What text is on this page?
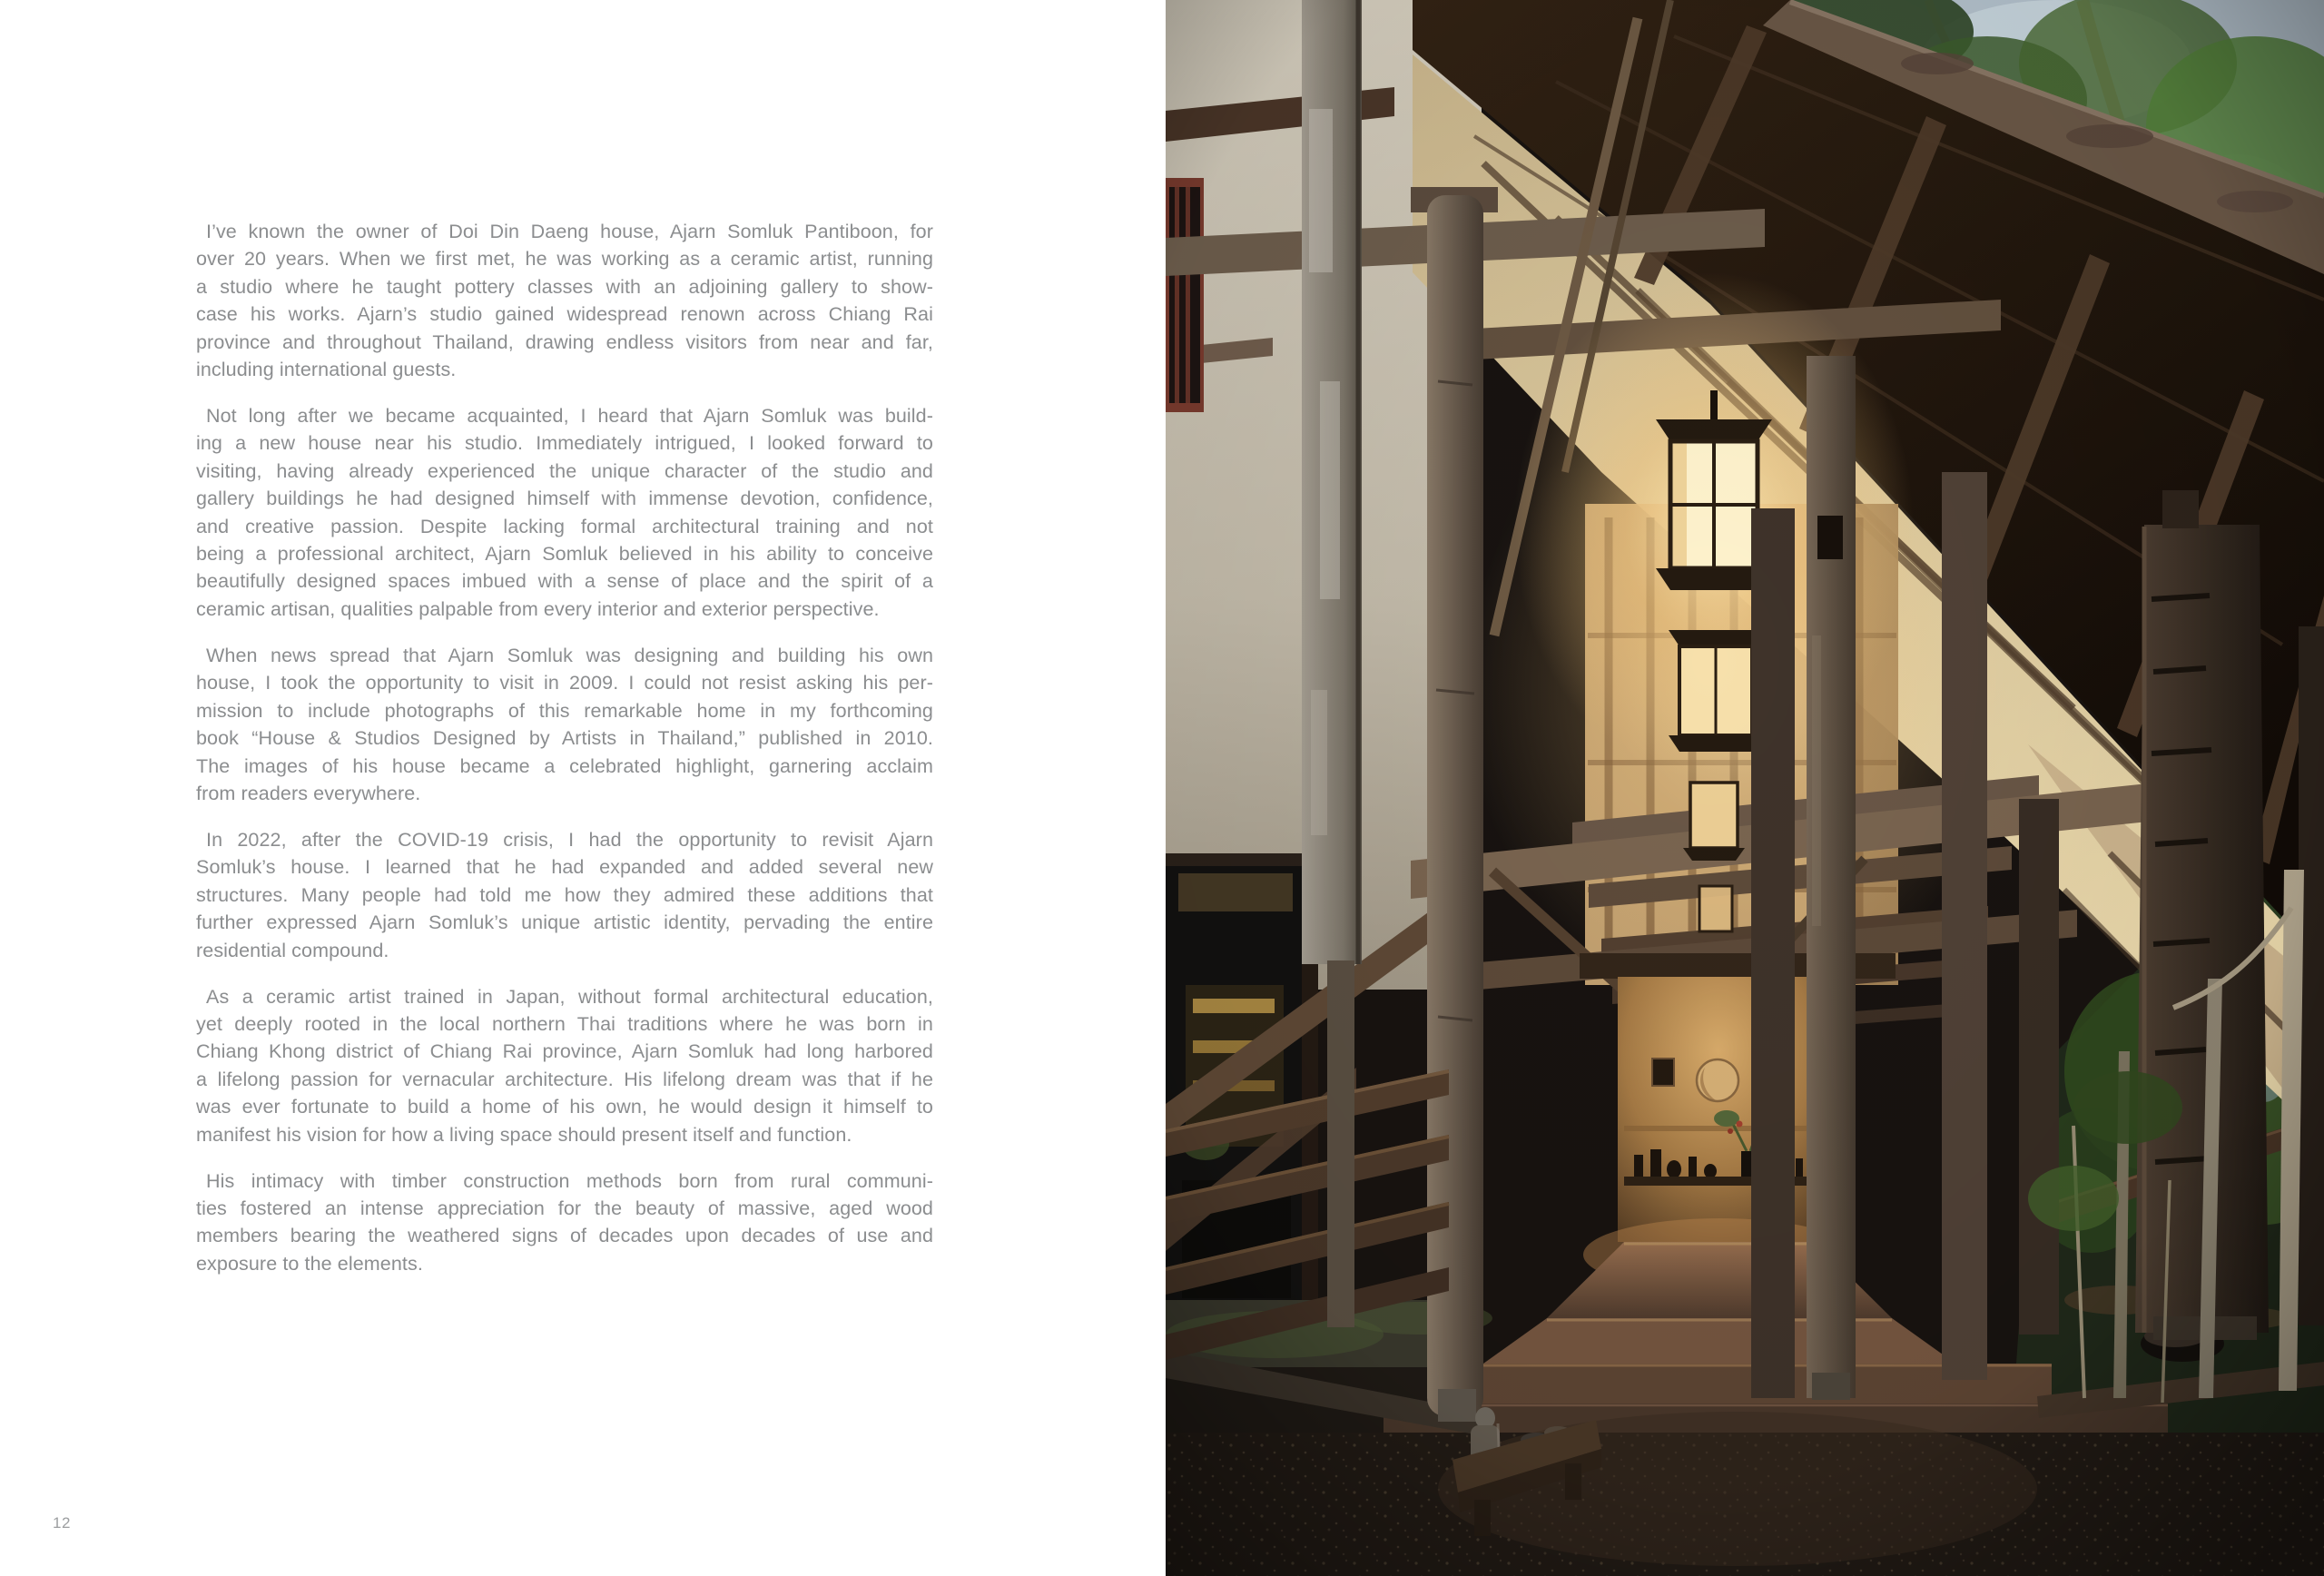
I’ve known the owner of Doi Din Daeng house, Ajarn Somluk Pantiboon, for
over 20 years. When we first met, he was working as a ceramic artist, running
a studio where he taught pottery classes with an adjoining gallery to show-
case his works. Ajarn’s studio gained widespread renown across Chiang Rai
province and throughout Thailand, drawing endless visitors from near and far,
including international guests.

Not long after we became acquainted, I heard that Ajarn Somluk was build-
ing a new house near his studio. Immediately intrigued, I looked forward to
visiting, having already experienced the unique character of the studio and
gallery buildings he had designed himself with immense devotion, confidence,
and creative passion. Despite lacking formal architectural training and not
being a professional architect, Ajarn Somluk believed in his ability to conceive
beautifully designed spaces imbued with a sense of place and the spirit of a
ceramic artisan, qualities palpable from every interior and exterior perspective.

When news spread that Ajarn Somluk was designing and building his own
house, I took the opportunity to visit in 2009. I could not resist asking his per-
mission to include photographs of this remarkable home in my forthcoming
book “House & Studios Designed by Artists in Thailand,” published in 2010.
The images of his house became a celebrated highlight, garnering acclaim
from readers everywhere.

In 2022, after the COVID-19 crisis, I had the opportunity to revisit Ajarn
Somluk’s house. I learned that he had expanded and added several new
structures. Many people had told me how they admired these additions that
further expressed Ajarn Somluk’s unique artistic identity, pervading the entire
residential compound.

As a ceramic artist trained in Japan, without formal architectural education,
yet deeply rooted in the local northern Thai traditions where he was born in
Chiang Khong district of Chiang Rai province, Ajarn Somluk had long harbored
a lifelong passion for vernacular architecture. His lifelong dream was that if he
was ever fortunate to build a home of his own, he would design it himself to
manifest his vision for how a living space should present itself and function.

His intimacy with timber construction methods born from rural communi-
ties fostered an intense appreciation for the beauty of massive, aged wood
members bearing the weathered signs of decades upon decades of use and
exposure to the elements.

12
